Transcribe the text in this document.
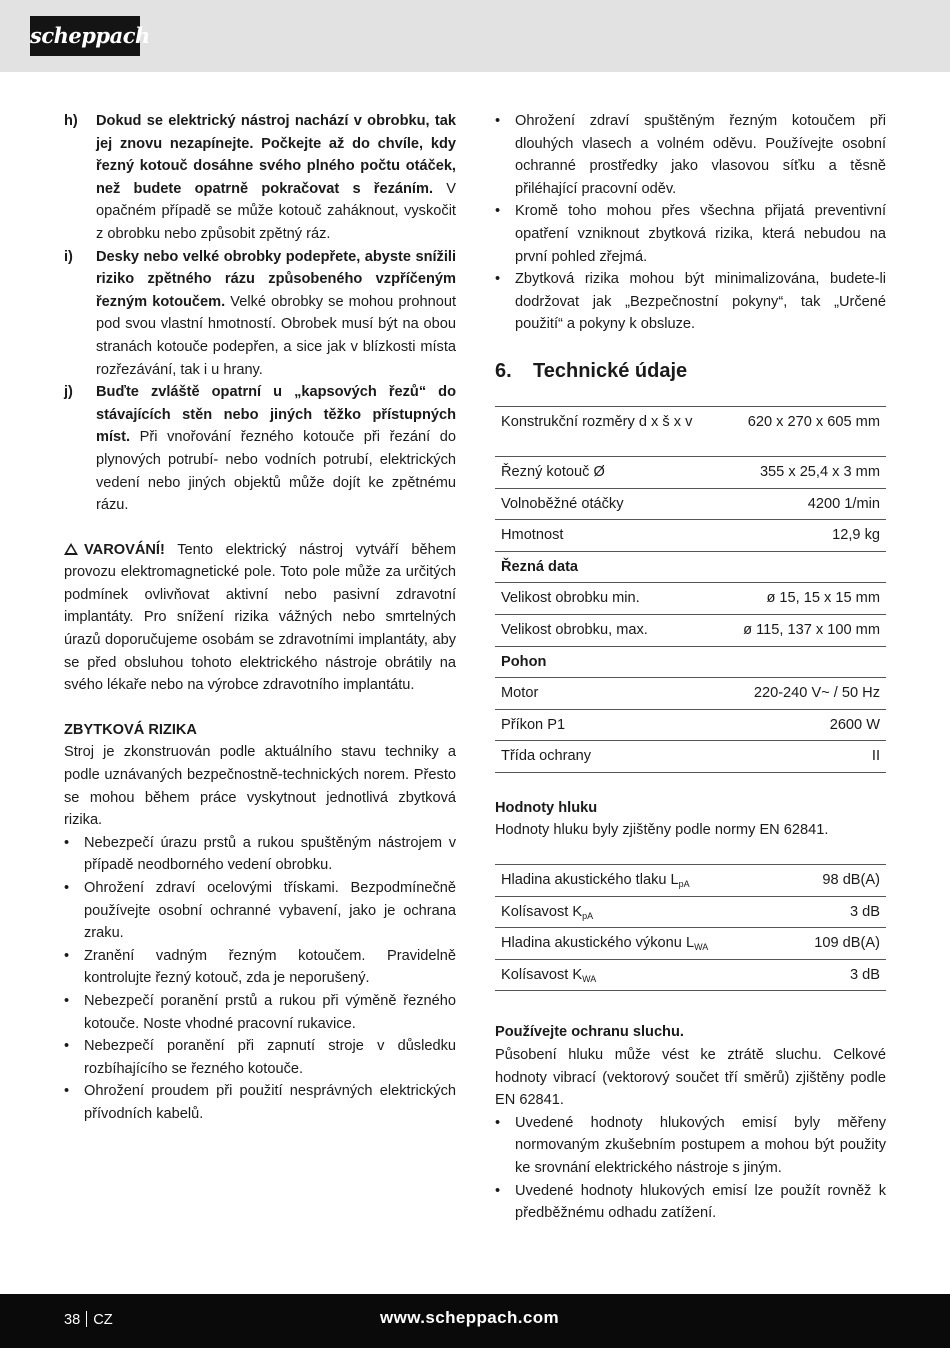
scheppach
h)	Dokud se elektrický nástroj nachází v obrobku, tak jej znovu nezapínejte. Počkejte až do chvíle, kdy řezný kotouč dosáhne svého plného počtu otáček, než budete opatrně pokračovat s řezáním. V opačném případě se může kotouč zaháknout, vyskočit z obrobku nebo způsobit zpětný ráz.
i)	Desky nebo velké obrobky podepřete, abyste snížili riziko zpětného rázu způsobeného vzpříčeným řezným kotoučem. Velké obrobky se mohou prohnout pod svou vlastní hmotností. Obrobek musí být na obou stranách kotouče podepřen, a sice jak v blízkosti místa rozřezávání, tak i u hrany.
j)	Buďte zvláště opatrní u „kapsových řezů“ do stávajících stěn nebo jiných těžko přístupných míst. Při vnořování řezného kotouče při řezání do plynových potrubí- nebo vodních potrubí, elektrických vedení nebo jiných objektů může dojít ke zpětnému rázu.
VAROVÁNÍ! Tento elektrický nástroj vytváří během provozu elektromagnetické pole. Toto pole může za určitých podmínek ovlivňovat aktivní nebo pasivní zdravotní implantáty. Pro snížení rizika vážných nebo smrtelných úrazů doporučujeme osobám se zdravotními implantáty, aby se před obsluhou tohoto elektrického nástroje obrátily na svého lékaře nebo na výrobce zdravotního implantátu.
ZBYTKOVÁ RIZIKA
Stroj je zkonstruován podle aktuálního stavu techniky a podle uznávaných bezpečnostně-technických norem. Přesto se mohou během práce vyskytnout jednotlivá zbytková rizika.
• Nebezpečí úrazu prstů a rukou spuštěným nástrojem v případě neodborného vedení obrobku.
• Ohrožení zdraví ocelovými třískami. Bezpodmínečně používejte osobní ochranné vybavení, jako je ochrana zraku.
• Zranění vadným řezným kotoučem. Pravidelně kontrolujte řezný kotouč, zda je neporušený.
• Nebezpečí poranění prstů a rukou při výměně řezného kotouče. Noste vhodné pracovní rukavice.
• Nebezpečí poranění při zapnutí stroje v důsledku rozbíhajícího se řezného kotouče.
• Ohrožení proudem při použití nesprávných elektrických přívodních kabelů.
• Ohrožení zdraví spuštěným řezným kotoučem při dlouhých vlasech a volném oděvu. Používejte osobní ochranné prostředky jako vlasovou síťku a těsně přiléhající pracovní oděv.
• Kromě toho mohou přes všechna přijatá preventivní opatření vzniknout zbytková rizika, která nebudou na první pohled zřejmá.
• Zbytková rizika mohou být minimalizována, budete-li dodržovat jak „Bezpečnostní pokyny“, tak „Určené použití“ a pokyny k obsluze.
6. Technické údaje
Konstrukční rozměry d x š x v	620 x 270 x 605 mm
Řezný kotouč Ø	355 x 25,4 x 3 mm
Volnoběžné otáčky	4200 1/min
Hmotnost	12,9 kg
Řezná data	
Velikost obrobku min.	ø 15, 15 x 15 mm
Velikost obrobku, max.	ø 115, 137 x 100 mm
Pohon	
Motor	220-240 V~ / 50 Hz
Příkon P1	2600 W
Třída ochrany	II
Hodnoty hluku
Hodnoty hluku byly zjištěny podle normy EN 62841.
Hladina akustického tlaku $L_{pA}$	98 dB(A)
Kolísavost $K_{pA}$	3 dB
Hladina akustického výkonu $L_{WA}$	109 dB(A)
Kolísavost $K_{WA}$	3 dB
Používejte ochranu sluchu.
Působení hluku může vést ke ztrátě sluchu. Celkové hodnoty vibrací (vektorový součet tří směrů) zjištěny podle EN 62841.
• Uvedené hodnoty hlukových emisí byly měřeny normovaným zkušebním postupem a mohou být použity ke srovnání elektrického nástroje s jiným.
• Uvedené hodnoty hlukových emisí lze použít rovněž k předběžnému odhadu zatížení.
38 CZ	www.scheppach.com
